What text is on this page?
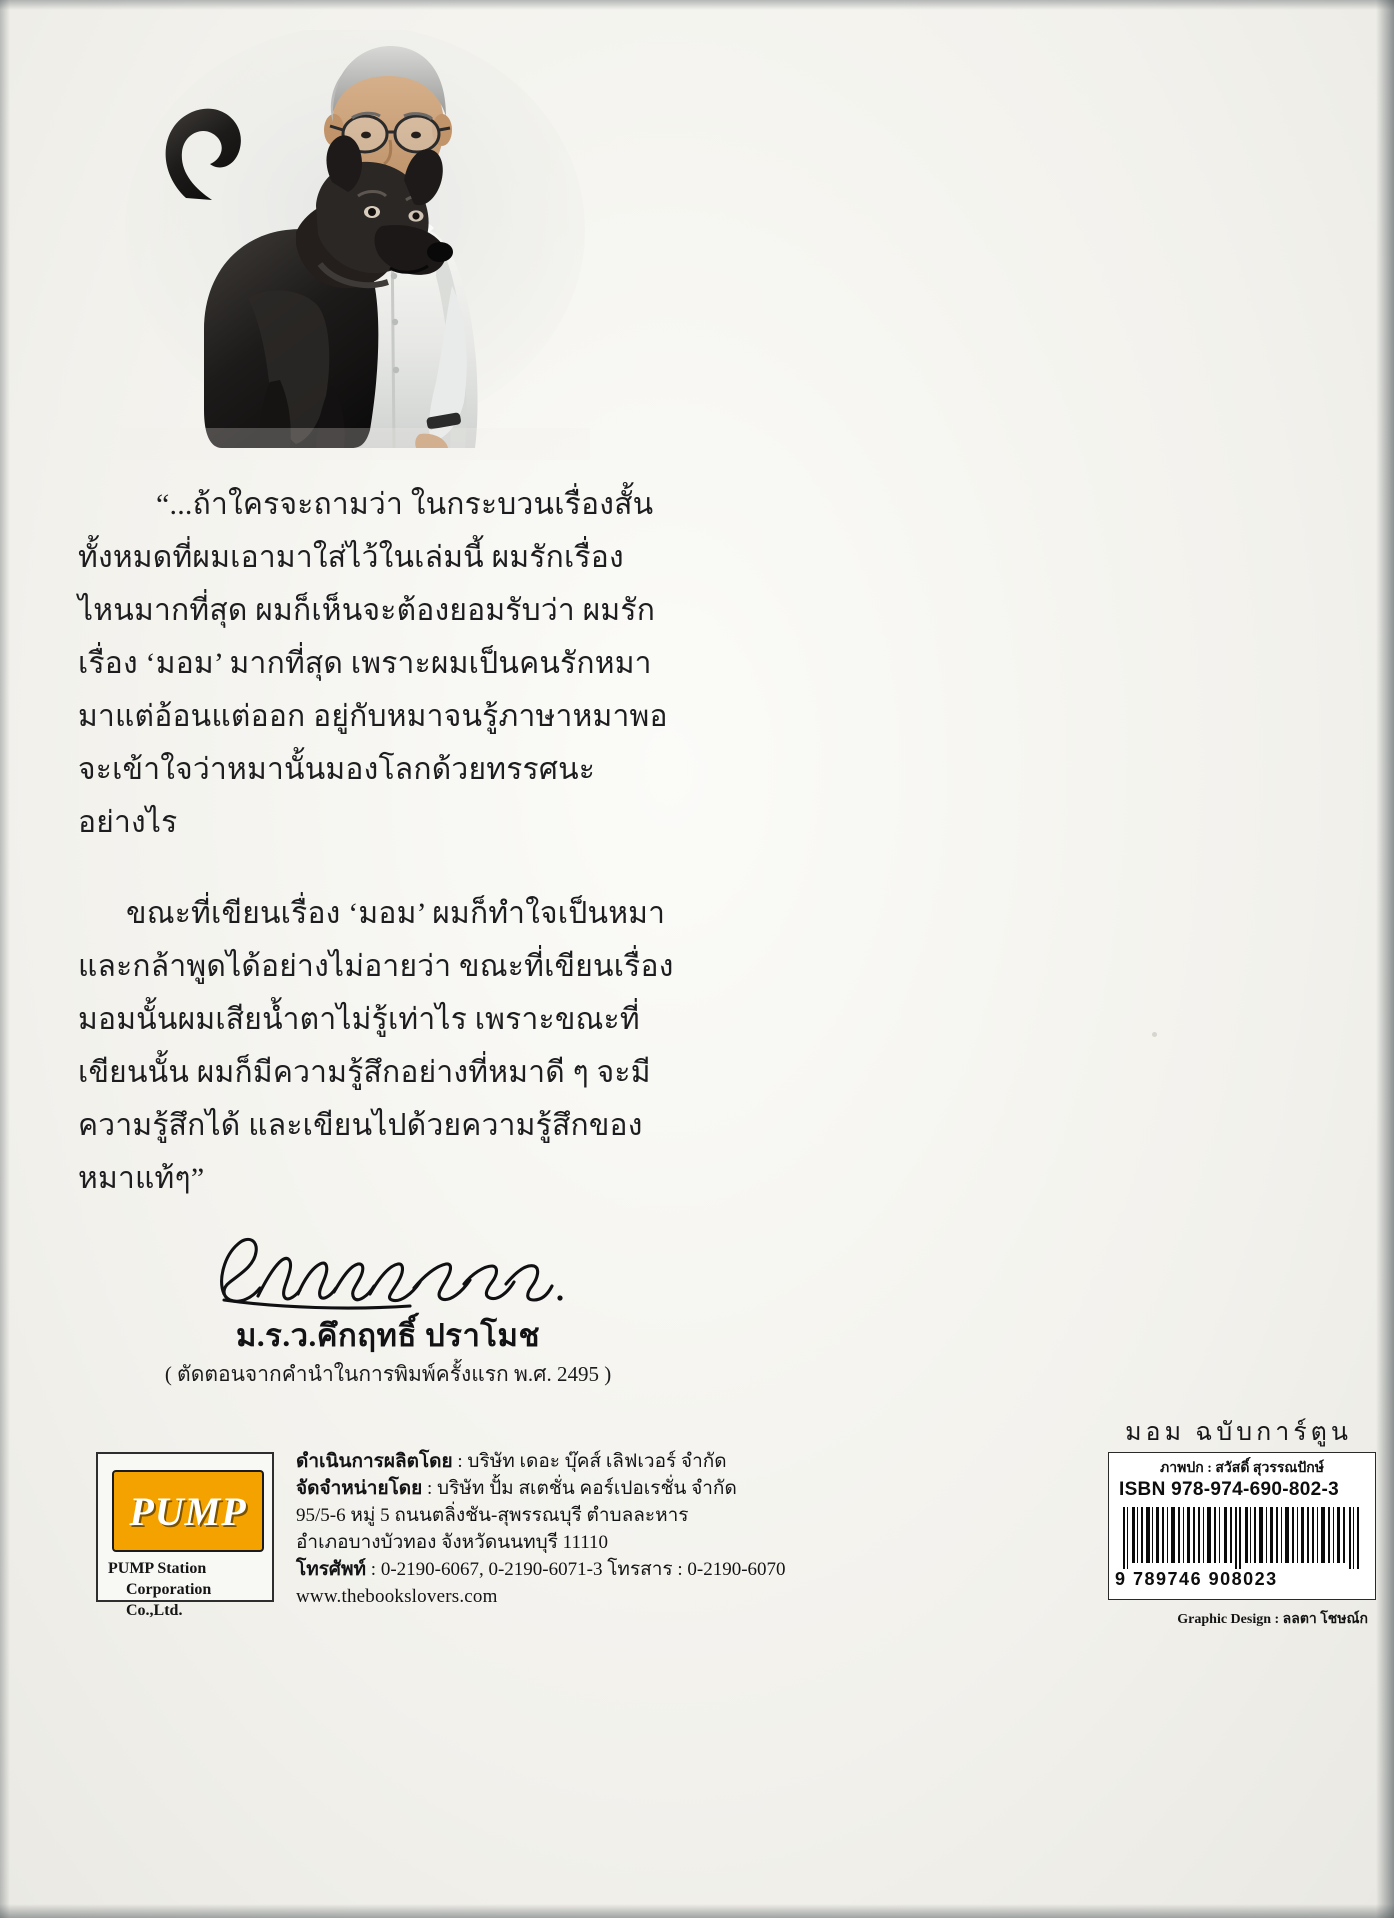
“...ถ้าใครจะถามว่า ในกระบวนเรื่องสั้นทั้งหมดที่ผมเอามาใส่ไว้ในเล่มนี้ ผมรักเรื่องไหนมากที่สุด ผมก็เห็นจะต้องยอมรับว่า ผมรักเรื่อง ‘มอม’ มากที่สุด เพราะผมเป็นคนรักหมามาแต่อ้อนแต่ออก อยู่กับหมาจนรู้ภาษาหมาพอจะเข้าใจว่าหมานั้นมองโลกด้วยทรรศนะอย่างไร

ขณะที่เขียนเรื่อง ‘มอม’ ผมก็ทำใจเป็นหมาและกล้าพูดได้อย่างไม่อายว่า ขณะที่เขียนเรื่องมอมนั้นผมเสียน้ำตาไม่รู้เท่าไร เพราะขณะที่เขียนนั้น ผมก็มีความรู้สึกอย่างที่หมาดี ๆ จะมีความรู้สึกได้ และเขียนไปด้วยความรู้สึกของหมาแท้ๆ”

ม.ร.ว.คึกฤทธิ์ ปราโมช
( ตัดตอนจากคำนำในการพิมพ์ครั้งแรก พ.ศ. 2495 )
มอม ฉบับการ์ตูน
ภาพปก : สวัสดิ์ สุวรรณปักษ์
ISBN 978-974-690-802-3
9 789746 908023
Graphic Design : ลลตา โชษณ์ก
PUMP
PUMP Station
Corporation Co.,Ltd.
ดำเนินการผลิตโดย : บริษัท เดอะ บุ๊คส์ เลิฟเวอร์ จำกัด
จัดจำหน่ายโดย : บริษัท ปั้ม สเตชั่น คอร์เปอเรชั่น จำกัด
95/5-6 หมู่ 5 ถนนตลิ่งชัน-สุพรรณบุรี ตำบลละหาร
อำเภอบางบัวทอง จังหวัดนนทบุรี 11110
โทรศัพท์ : 0-2190-6067, 0-2190-6071-3 โทรสาร : 0-2190-6070
www.thebookslovers.com
